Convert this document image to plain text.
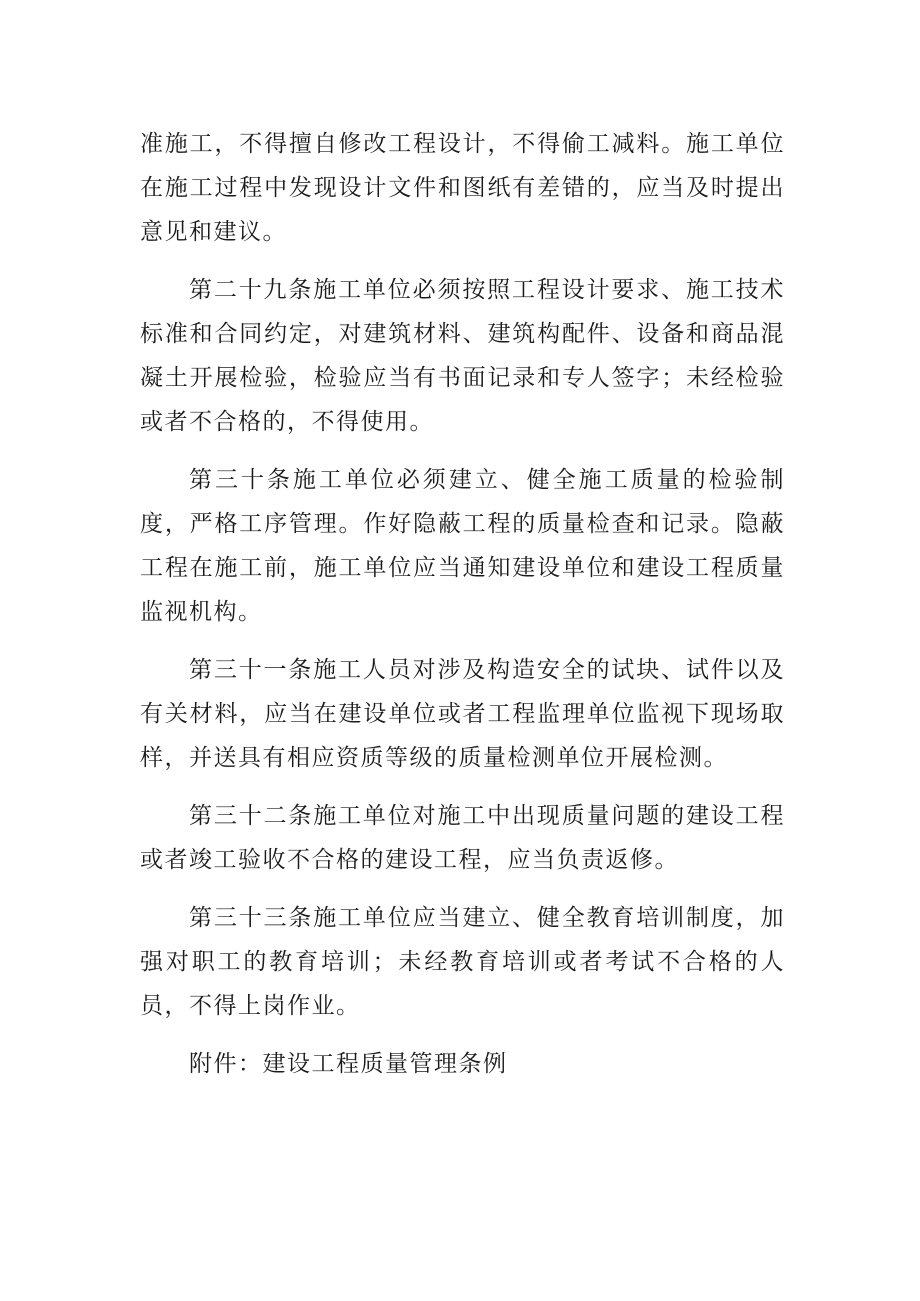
准施工，不得擅自修改工程设计，不得偷工减料。施工单位在施工过程中发现设计文件和图纸有差错的，应当及时提出意见和建议。

第二十九条施工单位必须按照工程设计要求、施工技术标准和合同约定，对建筑材料、建筑构配件、设备和商品混凝土开展检验，检验应当有书面记录和专人签字；未经检验或者不合格的，不得使用。

第三十条施工单位必须建立、健全施工质量的检验制度，严格工序管理。作好隐蔽工程的质量检查和记录。隐蔽工程在施工前，施工单位应当通知建设单位和建设工程质量监视机构。

第三十一条施工人员对涉及构造安全的试块、试件以及有关材料，应当在建设单位或者工程监理单位监视下现场取样，并送具有相应资质等级的质量检测单位开展检测。

第三十二条施工单位对施工中出现质量问题的建设工程或者竣工验收不合格的建设工程，应当负责返修。

第三十三条施工单位应当建立、健全教育培训制度，加强对职工的教育培训；未经教育培训或者考试不合格的人员，不得上岗作业。

附件：建设工程质量管理条例
